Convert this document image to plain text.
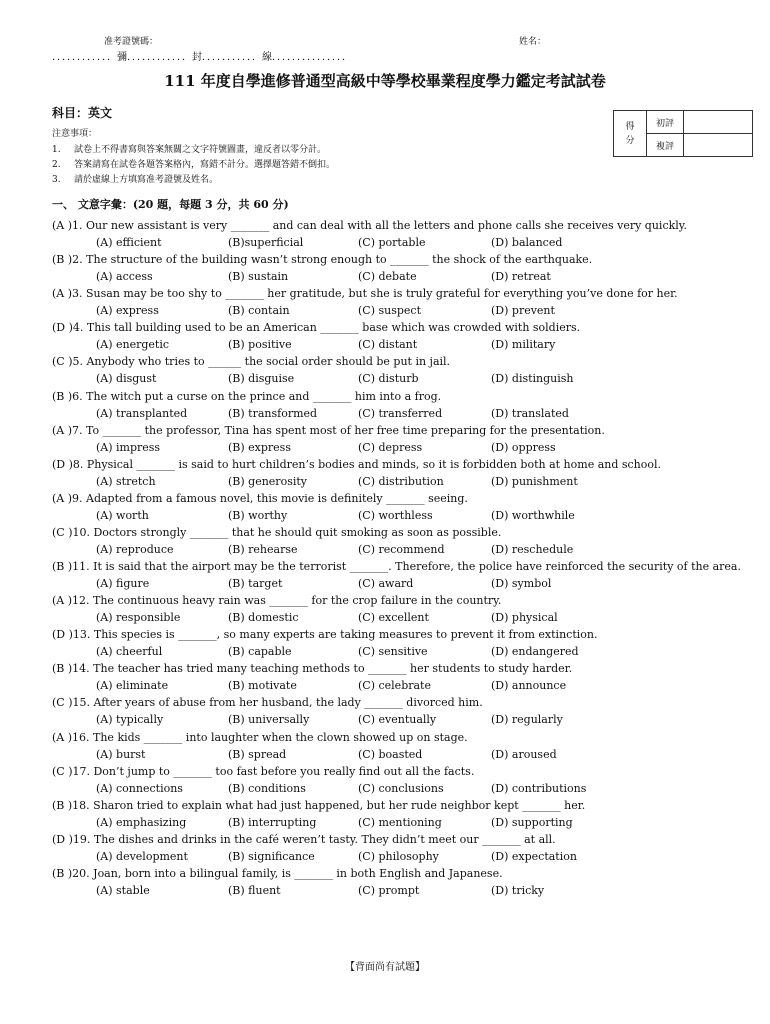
准考證號碼：	姓名：
．．．．．．．．．．．．彌．．．．．．．．．．．．封．．．．．．．．．．．線．．．．．．．．．．．．．．．
111 年度自學進修普通型高級中等學校畢業程度學力鑑定考試試卷
科目：英文
注意事項：
1. 試卷上不得書寫與答案無關之文字符號圖畫，違反者以零分計。
2. 答案請寫在試卷各題答案格內，寫錯不計分。選擇題答錯不倒扣。
3. 請於虛線上方填寫准考證號及姓名。
得
分	初評	
	複評	
一、 文意字彙：(20 題，每題 3 分，共 60 分)
(A )1. Our new assistant is very _______ and can deal with all the letters and phone calls she receives very quickly.
(A) efficient	(B)superficial	(C) portable	(D) balanced
(B )2. The structure of the building wasn’t strong enough to _______ the shock of the earthquake.
(A) access	(B) sustain	(C) debate	(D) retreat
(A )3. Susan may be too shy to _______ her gratitude, but she is truly grateful for everything you’ve done for her.
(A) express	(B) contain	(C) suspect	(D) prevent
(D )4. This tall building used to be an American _______ base which was crowded with soldiers.
(A) energetic	(B) positive	(C) distant	(D) military
(C )5. Anybody who tries to ______ the social order should be put in jail.
(A) disgust	(B) disguise	(C) disturb	(D) distinguish
(B )6. The witch put a curse on the prince and _______ him into a frog.
(A) transplanted	(B) transformed	(C) transferred	(D) translated
(A )7. To _______ the professor, Tina has spent most of her free time preparing for the presentation.
(A) impress	(B) express	(C) depress	(D) oppress
(D )8. Physical _______ is said to hurt children’s bodies and minds, so it is forbidden both at home and school.
(A) stretch	(B) generosity	(C) distribution	(D) punishment
(A )9. Adapted from a famous novel, this movie is definitely _______ seeing.
(A) worth	(B) worthy	(C) worthless	(D) worthwhile
(C )10. Doctors strongly _______ that he should quit smoking as soon as possible.
(A) reproduce	(B) rehearse	(C) recommend	(D) reschedule
(B )11. It is said that the airport may be the terrorist _______. Therefore, the police have reinforced the security of the area.
(A) figure	(B) target	(C) award	(D) symbol
(A )12. The continuous heavy rain was _______ for the crop failure in the country.
(A) responsible	(B) domestic	(C) excellent	(D) physical
(D )13. This species is _______, so many experts are taking measures to prevent it from extinction.
(A) cheerful	(B) capable	(C) sensitive	(D) endangered
(B )14. The teacher has tried many teaching methods to _______ her students to study harder.
(A) eliminate	(B) motivate	(C) celebrate	(D) announce
(C )15. After years of abuse from her husband, the lady _______ divorced him.
(A) typically	(B) universally	(C) eventually	(D) regularly
(A )16. The kids _______ into laughter when the clown showed up on stage.
(A) burst	(B) spread	(C) boasted	(D) aroused
(C )17. Don’t jump to _______ too fast before you really find out all the facts.
(A) connections	(B) conditions	(C) conclusions	(D) contributions
(B )18. Sharon tried to explain what had just happened, but her rude neighbor kept _______ her.
(A) emphasizing	(B) interrupting	(C) mentioning	(D) supporting
(D )19. The dishes and drinks in the café weren’t tasty. They didn’t meet our _______ at all.
(A) development	(B) significance	(C) philosophy	(D) expectation
(B )20. Joan, born into a bilingual family, is _______ in both English and Japanese.
(A) stable	(B) fluent	(C) prompt	(D) tricky
【背面尚有試題】
